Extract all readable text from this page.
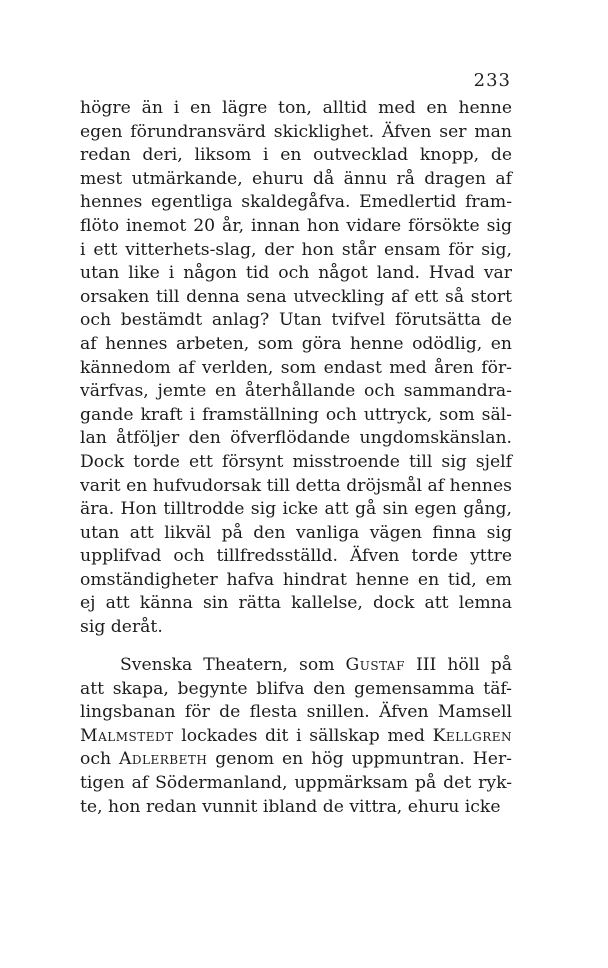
233
högre än i en lägre ton, alltid med en henne
egen förundransvärd skicklighet. Äfven ser man
redan deri, liksom i en outvecklad knopp, de
mest utmärkande, ehuru då ännu rå dragen af
hennes egentliga skaldegåfva. Emedlertid fram-
flöto inemot 20 år, innan hon vidare försökte sig
i ett vitterhets-slag, der hon står ensam för sig,
utan like i någon tid och något land. Hvad var
orsaken till denna sena utveckling af ett så stort
och bestämdt anlag? Utan tvifvel förutsätta de
af hennes arbeten, som göra henne odödlig, en
kännedom af verlden, som endast med åren för-
värfvas, jemte en återhållande och sammandra-
gande kraft i framställning och uttryck, som säl-
lan åtföljer den öfverflödande ungdomskänslan.
Dock torde ett försynt misstroende till sig sjelf
varit en hufvudorsak till detta dröjsmål af hennes
ära. Hon tilltrodde sig icke att gå sin egen gång,
utan att likväl på den vanliga vägen finna sig
upplifvad och tillfredsställd. Äfven torde yttre
omständigheter hafva hindrat henne en tid, em
ej att känna sin rätta kallelse, dock att lemna
sig deråt.
Svenska Theatern, som Gustaf III höll på
att skapa, begynte blifva den gemensamma täf-
lingsbanan för de flesta snillen. Äfven Mamsell
Malmstedt lockades dit i sällskap med Kellgren
och Adlerbeth genom en hög uppmuntran. Her-
tigen af Södermanland, uppmärksam på det ryk-
te, hon redan vunnit ibland de vittra, ehuru icke
